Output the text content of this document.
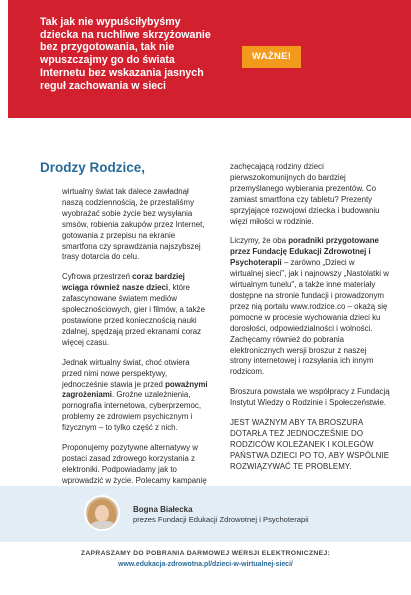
Tak jak nie wypuściłybyśmy
dziecka na ruchliwe skrzyżowanie
bez przygotowania, tak nie
wpuszczajmy go do świata
Internetu bez wskazania jasnych
reguł zachowania w sieci
WAŻNE!
Drodzy Rodzice,

wirtualny świat tak dalece zawładnął naszą codziennością, że przestaliśmy wyobrażać sobie życie bez wysyłania smsów, robienia zakupów przez Internet, gotowania z przepisu na ekranie smartfona czy sprawdzania najszybszej trasy dotarcia do celu.

Cyfrowa przestrzeń coraz bardziej wciąga również nasze dzieci, które zafascynowane światem mediów społecznościowych, gier i filmów, a także postawione przed koniecznością nauki zdalnej, spędzają przed ekranami coraz więcej czasu.

Jednak wirtualny świat, choć otwiera przed nimi nowe perspektywy, jednocześnie stawia je przed poważnymi zagrożeniami. Groźne uzależnienia, pornografia internetowa, cyberprzemoc, problemy ze zdrowiem psychicznym i fizycznym – to tylko część z nich.

Proponujemy pozytywne alternatywy w postaci zasad zdrowego korzystania z elektroniki. Podpowiadamy jak to wprowadzić w życie. Polecamy kampanię

zachęcającą rodziny dzieci pierwszokomunijnych do bardziej przemyślanego wybierania prezentów. Co zamiast smartfona czy tabletu? Prezenty sprzyjające rozwojowi dziecka i budowaniu więzi miłości w rodzinie.

Liczymy, że oba poradniki przygotowane przez Fundację Edukacji Zdrowotnej i Psychoterapii – zarówno „Dzieci w wirtualnej sieci", jak i najnowszy „Nastolatki w wirtualnym tunelu", a także inne materiały dostępne na stronie fundacji i prowadzonym przez nią portalu www.rodzice.co – okażą się pomocne w procesie wychowania dzieci ku dorosłości, odpowiedzialności i wolności. Zachęcamy również do pobrania elektronicznych wersji broszur z naszej strony internetowej i rozsyłania ich innym rodzicom.

Broszura powstała we współpracy z Fundacją Instytut Wiedzy o Rodzinie i Społeczeństwie.

JEST WAŻNYM ABY TA BROSZURA DOTARŁA TEŻ JEDNOCZEŚNIE DO RODZICÓW KOLEŻANEK I KOLEGÓW PAŃSTWA DZIECI PO TO, ABY WSPÓLNIE ROZWIĄZYWAĆ TE PROBLEMY.

Bogna Białecka
prezes Fundacji Edukacji Zdrowotnej i Psychoterapii
ZAPRASZAMY DO POBRANIA DARMOWEJ WERSJI ELEKTRONICZNEJ:
www.edukacja-zdrowotna.pl/dzieci-w-wirtualnej-sieci/
